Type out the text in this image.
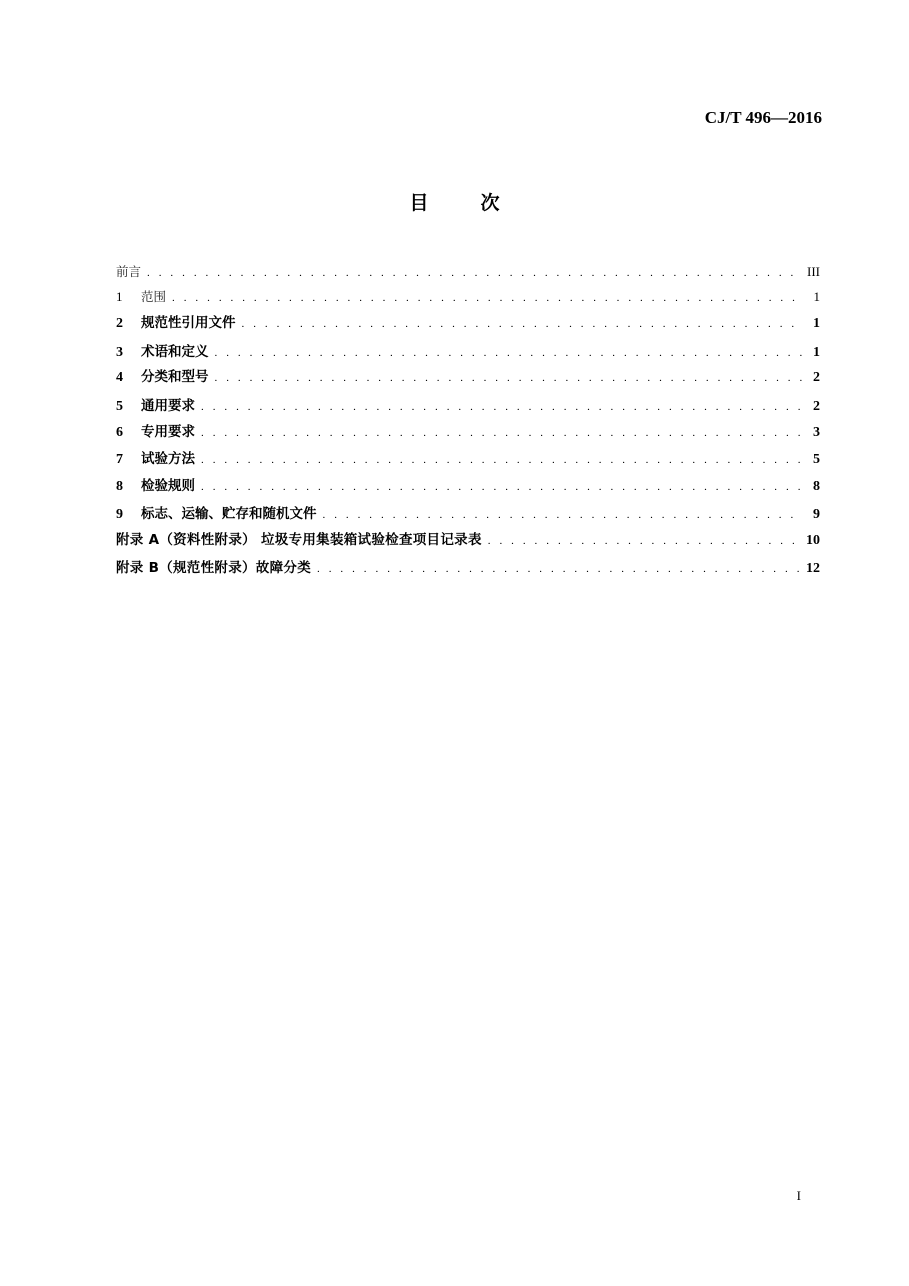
CJ/T 496—2016
目	次
前言 . . .	III
1	范围 . . .	1
2	规范性引用文件 . . .	1
3	术语和定义 . . .	1
4	分类和型号 . . .	2
5	通用要求 . . .	2
6	专用要求 . . .	3
7	试验方法 . . .	5
8	检验规则 . . .	8
9	标志、运输、贮存和随机文件 . . .	9
附录 A（资料性附录） 垃圾专用集装箱试验检查项目记录表 . . .	10
附录 B（规范性附录）故障分类 . . .	12
I
